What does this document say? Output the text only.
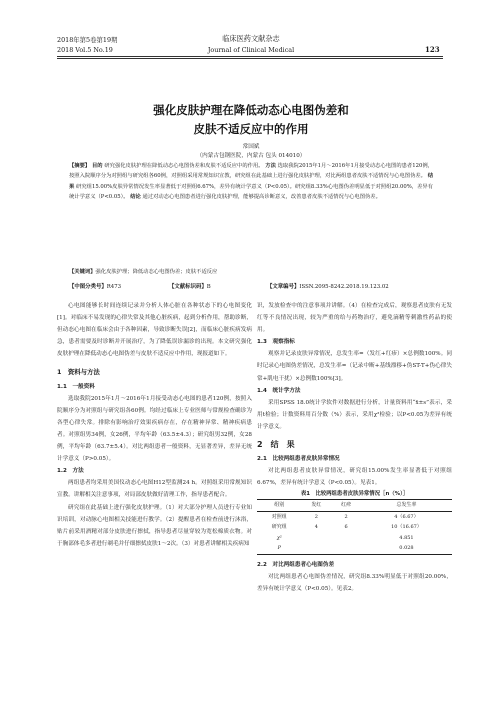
2018年第5卷第19期
2018 Vol.5 No.19
临床医药文献杂志
Journal of Clinical Medical	123
强化皮肤护理在降低动态心电图伪差和
皮肤不适反应中的作用
常国斌
（内蒙古包钢医院，内蒙古 包头 014010）
【摘要】 目的 研究强化皮肤护理在降低动态心电图伪差和皮肤不适反应中的作用。 方法 选取我院2015年1月～2016年1月接受动态心电图的患者120例，按照入院顺序分为对照组与研究组各60例，对照组采用常规知识宣教，研究组在此基础上进行强化皮肤护理，对比两组患者皮肤不适情况与心电图伪差。 结果 研究组15.00%皮肤异常情况发生率显著低于对照组6.67%，差异有统计学意义（P<0.05）。研究组8.33%心电图伪差明显低于对照组20.00%，差异有统计学意义（P<0.05）。 结论 通过对动态心电图患者进行强化皮肤护理，能够提高诊断意义，改善患者皮肤不适情况与心电图伪差。
【关键词】强化皮肤护理；降低动态心电图伪差；皮肤不适反应
【中图分类号】R473	【文献标识码】B	【文章编号】ISSN.2095-8242.2018.19.123.02

心电图能够长时间连续记录并分析人体心脏在各种状态下的心电图变化[1]。对临床不易发现的心律失常及其他心脏疾病，起到分析作用，帮助诊断，但动态心电图在临床会由于各种因素，导致诊断失误[2]，而临床心脏疾病发病急，患者需要及时诊断并开展治疗，为了降低误诊漏诊的出现。本文研究强化皮肤护理在降低动态心电图伪差与皮肤不适反应中作用，现报道如下。

1　资料与方法
1.1　一般资料

选取我院2015年1月～2016年1月接受动态心电图的患者120例，按照入院顺序分为对照组与研究组各60例。均经过临床上专业医师与常规检查确诊为各型心律失常。排除有影响治疗效果疾病存在，存在精神异常、精神疾病患者。对照组男34例，女26例，平均年龄（63.5±4.3）；研究组男32例，女28例，平均年龄（63.7±5.4）。对比两组患者一般资料，无显著差异，差异无统计学意义（P>0.05）。

1.2　方法

两组患者均采用美国仪动态心电图H12型监测24 h。对照组采用常规知识宣教。讲解相关注意事项，对局部皮肤做好清理工作，指导患者配合。

研究组在此基础上进行强化皮肤护理。（1）对大部分护理人员进行专业知识培训，对动脉心电图相关技能进行教学。（2）提醒患者在检查前进行沐浴，贴片前采用酒精对部分皮肤进行擦拭，指导患者尽量穿较为宽松棉质衣物。对于胸部体毛多者进行剃毛并仔细擦拭皮肤1～2次。（3）对患者讲解相关疾病知

识，发放检查中的注意事项并讲解。（4）在检查完成后，观察患者皮肤有无发红等不良情况出现，较为严重的给与药物治疗，避免滴精等刺激性药品的使用。

1.3　观察指标

观察并记录皮肤异常情况，总发生率=（发红+红疹）×总例数100%。同时记录心电图伪差情况，总发生率=（记录中断+基线漂移+伪ST-T+伪心律失常+肌电干扰）×总例数100%[3]。

1.4　统计学方法

采用SPSS 18.0统计学软件对数据进行分析，计量资料用“x̄±s”表示，采用t检验；计数资料用百分数（%）表示，采用χ²检验；以P<0.05为差异有统计学意义。

2　结　果
2.1　比较两组患者皮肤异常情况

对比两组患者皮肤异常情况，研究组15.00%发生率显著低于对照组6.67%，差异有统计学意义（P<0.05）。见表1。

表1　比较两组患者皮肤异常情况［n（%）］
组别	发红	红疹	总发生率
对照组	2	2	4（6.67）
研究组	4	6	10（16.67）
χ²			4.851
P			0.028
2.2　对比两组患者心电图伪差

对比两组患者心电图伪差情况，研究组8.33%明显低于对照组20.00%，差异有统计学意义（P<0.05）。见表2。
